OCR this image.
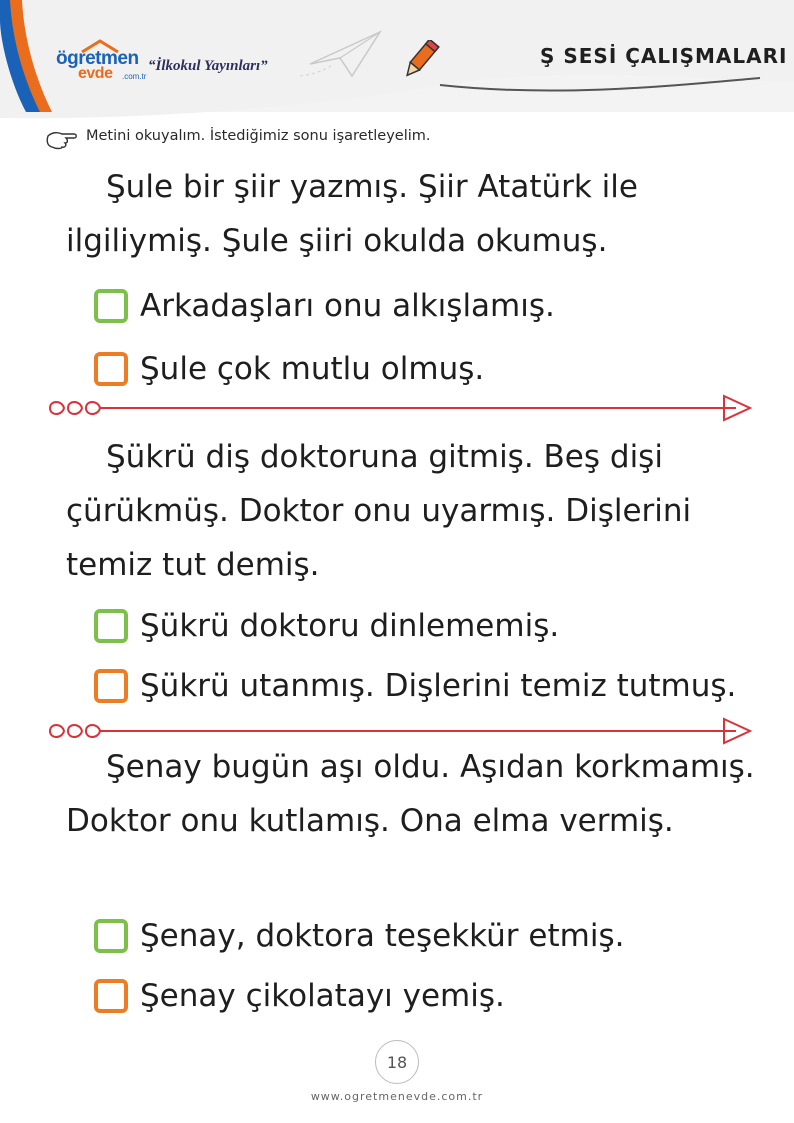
ögretmen
evde .com.tr
“İlkokul Yayınları”	Ş SESİ ÇALIŞMALARI
Metini okuyalım. İstediğimiz sonu işaretleyelim.

Şule bir şiir yazmış. Şiir Atatürk ile ilgiliymiş. Şule şiiri okulda okumuş.

Arkadaşları onu alkışlamış.
Şule çok mutlu olmuş.

Şükrü diş doktoruna gitmiş. Beş dişi çürükmüş. Doktor onu uyarmış. Dişlerini temiz tut demiş.

Şükrü doktoru dinlememiş.
Şükrü utanmış. Dişlerini temiz tutmuş.

Şenay bugün aşı oldu. Aşıdan korkmamış. Doktor onu kutlamış. Ona elma vermiş.

Şenay, doktora teşekkür etmiş.
Şenay çikolatayı yemiş.
18
www.ogretmenevde.com.tr
